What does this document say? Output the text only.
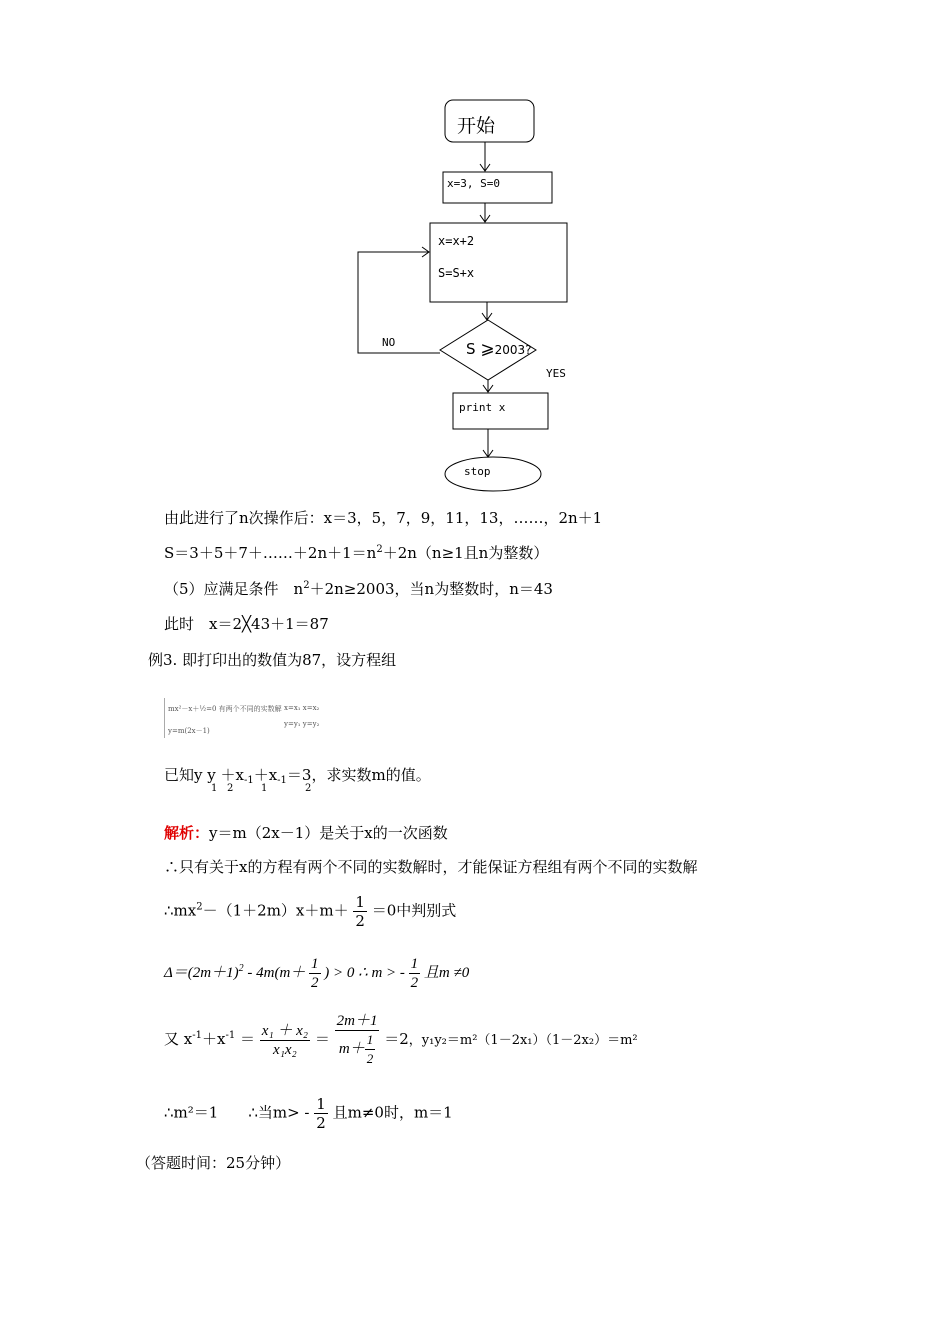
开始
x=3, S=0
x=x+2
S=S+x
S ⩾2003?
NO
YES
print x
stop
由此进行了n次操作后：x＝3，5，7，9，11，13，……，2n＋1
$S=3+5+7+\dots\dots+2n+1=n^2+2n(n\ge 1$且n为整数）
（5）应满足条件　$n^2+2n\ge 2003$，当n为整数时，n＝43
此时　x＝2╳43＋1＝87
例3. 即打印出的数值为87，设方程组
mx²－x＋½=0 有两个不同的实数解
y=m(2x－1)
x=x₁ x=x₂
y=y₁ y=y₂
已知y $y +x_{-1}+x_{-1}=3$，求实数m的值。
1 2	1	2
解析：y＝m（2x－1）是关于x的一次函数
∴只有关于x的方程有两个不同的实数解时，才能保证方程组有两个不同的实数解
$\therefore mx^2-(1+2m)x+m+ \frac{1}{2} =0$中判别式
$\Delta=(2m+1)^2 - 4m(m+ \frac{1}{2}$ ) > 0 ∴ m > - $\frac{1}{2}$ 且m ≠0
又 $x^{-1}+x^{-1} = \frac{\text{x₁ ＋ x₂}}{\text{x₁x₂}} = \frac{2m+1}{m+ \frac{1}{2}} =2$，y₁y₂＝m²（1－2x₁）（1－2x₂）＝m²
∴m²＝1　　∴当$m> - \frac{1}{2}$ 且m≠0时，m＝1
（答题时间：25分钟）
